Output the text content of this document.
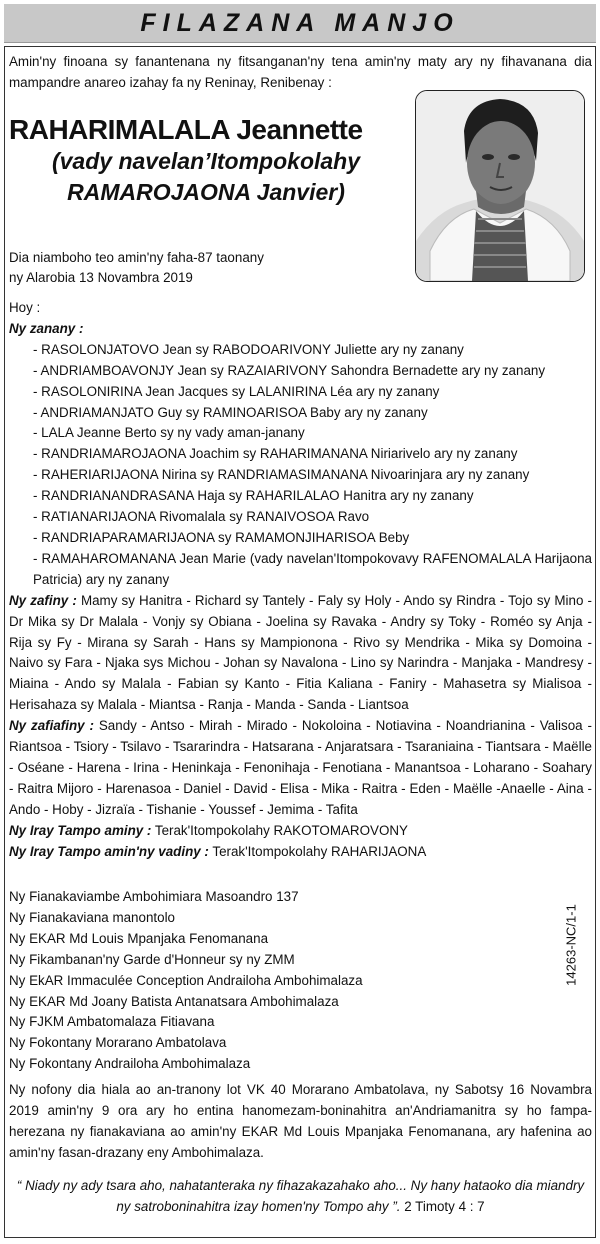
FILAZANA MANJO

Amin'ny finoana sy fanantenana ny fitsanganan'ny tena amin'ny maty ary ny fihavanana dia mampandre anareo izahay fa ny Reninay, Renibenay :

RAHARIMALALA Jeannette
(vady navelan’Itompokolahy
RAMAROJAONA Janvier)
Dia niamboho teo amin'ny faha-87 taonany
ny Alarobia 13 Novambra 2019

Hoy :

Ny zanany :

- RASOLONJATOVO Jean sy RABODOARIVONY Juliette ary ny zanany

- ANDRIAMBOAVONJY Jean sy RAZAIARIVONY Sahondra Bernadette ary ny zanany

- RASOLONIRINA Jean Jacques sy LALANIRINA Léa ary ny zanany

- ANDRIAMANJATO Guy sy RAMINOARISOA Baby ary ny zanany

- LALA Jeanne Berto sy ny vady aman-janany

- RANDRIAMAROJAONA Joachim sy RAHARIMANANA Niriarivelo ary ny zanany

- RAHERIARIJAONA Nirina sy RANDRIAMASIMANANA Nivoarinjara ary ny zanany

- RANDRIANANDRASANA Haja sy RAHARILALAO Hanitra ary ny zanany

- RATIANARIJAONA Rivomalala sy RANAIVOSOA Ravo

- RANDRIAPARAMARIJAONA sy RAMAMONJIHARISOA Beby

- RAMAHAROMANANA Jean Marie (vady navelan'Itompokovavy RAFENOMALALA Harijaona Patricia) ary ny zanany

Ny zafiny : Mamy sy Hanitra - Richard sy Tantely - Faly sy Holy - Ando sy Rindra - Tojo sy Mino - Dr Mika sy Dr Malala - Vonjy sy Obiana - Joelina sy Ravaka - Andry sy Toky - Roméo sy Anja - Rija sy Fy - Mirana sy Sarah - Hans sy Mampionona - Rivo sy Mendrika - Mika sy Domoina - Naivo sy Fara - Njaka sys Michou - Johan sy Navalona - Lino sy Narindra - Manjaka - Mandresy - Miaina - Ando sy Malala - Fabian sy Kanto - Fitia Kaliana - Faniry - Mahasetra sy Mialisoa - Herisahaza sy Malala - Miantsa - Ranja - Manda - Sanda - Liantsoa

Ny zafiafiny : Sandy - Antso - Mirah - Mirado - Nokoloina - Notiavina - Noandrianina - Valisoa - Riantsoa - Tsiory - Tsilavo - Tsararindra - Hatsarana - Anjaratsara - Tsaraniaina - Tiantsara - Maëlle - Oséane - Harena - Irina - Heninkaja - Fenonihaja - Fenotiana - Manantsoa - Loharano - Soahary - Raitra Mijoro - Harenasoa - Daniel - David - Elisa - Mika - Raitra - Eden - Maëlle -Anaelle - Aina - Ando - Hoby - Jizraïa - Tishanie - Youssef - Jemima - Tafita

Ny Iray Tampo aminy : Terak'Itompokolahy RAKOTOMAROVONY

Ny Iray Tampo amin'ny vadiny : Terak'Itompokolahy RAHARIJAONA

Ny Fianakaviambe Ambohimiara Masoandro 137

Ny Fianakaviana manontolo

Ny EKAR Md Louis Mpanjaka Fenomanana

Ny Fikambanan'ny Garde d'Honneur sy ny ZMM

Ny EkAR Immaculée Conception Andrailoha Ambohimalaza

Ny EKAR Md Joany Batista Antanatsara Ambohimalaza

Ny FJKM Ambatomalaza Fitiavana

Ny Fokontany Morarano Ambatolava

Ny Fokontany Andrailoha Ambohimalaza

14263-NC/1-1
Ny nofony dia hiala ao an-tranony lot VK 40 Morarano Ambatolava, ny Sabotsy 16 Novambra 2019 amin'ny 9 ora ary ho entina hanomezam-boninahitra an'Andriamanitra sy ho fampa-herezana ny fianakaviana ao amin'ny EKAR Md Louis Mpanjaka Fenomanana, ary hafenina ao amin'ny fasan-drazany eny Ambohimalaza.
“ Niady ny ady tsara aho, nahatanteraka ny fihazakazahako aho... Ny hany hataoko dia miandry ny satroboninahitra izay homen'ny Tompo ahy ”. 2 Timoty 4 : 7
